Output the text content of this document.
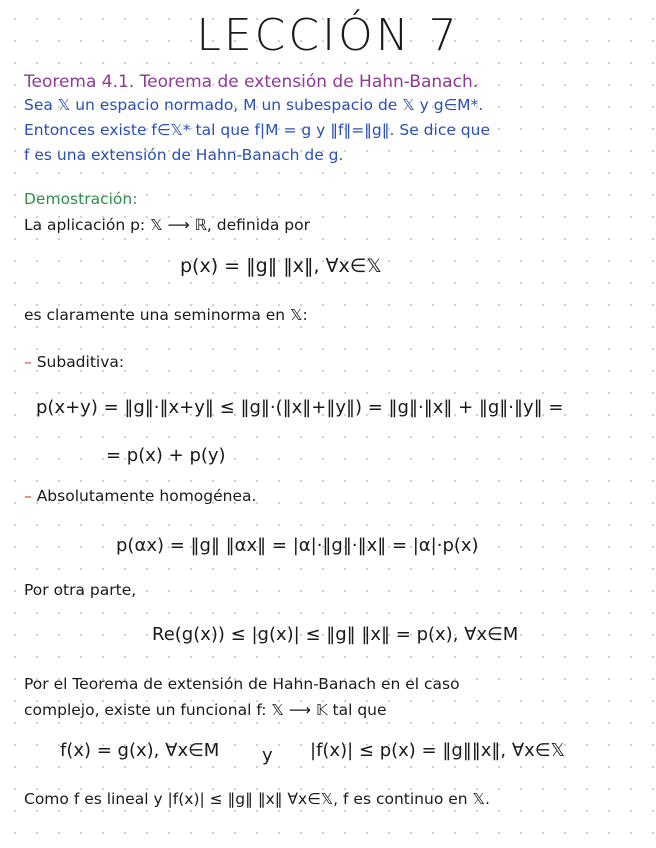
LECCIÓN 7
Teorema 4.1. Teorema de extensión de Hahn-Banach.
Sea 𝕏 un espacio normado, M un subespacio de 𝕏 y g∈M*.
Entonces existe f∈𝕏* tal que f|M = g y ‖f‖=‖g‖. Se dice que
f es una extensión de Hahn-Banach de g.
Demostración:
La aplicación p: 𝕏 ⟶ ℝ, definida por
p(x) = ‖g‖ ‖x‖, ∀x∈𝕏
es claramente una seminorma en 𝕏:
– Subaditiva:
p(x+y) = ‖g‖·‖x+y‖ ≤ ‖g‖·(‖x‖+‖y‖) = ‖g‖·‖x‖ + ‖g‖·‖y‖ =
= p(x) + p(y)
– Absolutamente homogénea.
p(αx) = ‖g‖ ‖αx‖ = |α|·‖g‖·‖x‖ = |α|·p(x)
Por otra parte,
Re(g(x)) ≤ |g(x)| ≤ ‖g‖ ‖x‖ = p(x), ∀x∈M
Por el Teorema de extensión de Hahn-Banach en el caso
complejo, existe un funcional f: 𝕏 ⟶ 𝕂 tal que
f(x) = g(x), ∀x∈M y |f(x)| ≤ p(x) = ‖g‖‖x‖, ∀x∈𝕏
Como f es lineal y |f(x)| ≤ ‖g‖ ‖x‖ ∀x∈𝕏, f es continuo en 𝕏.
